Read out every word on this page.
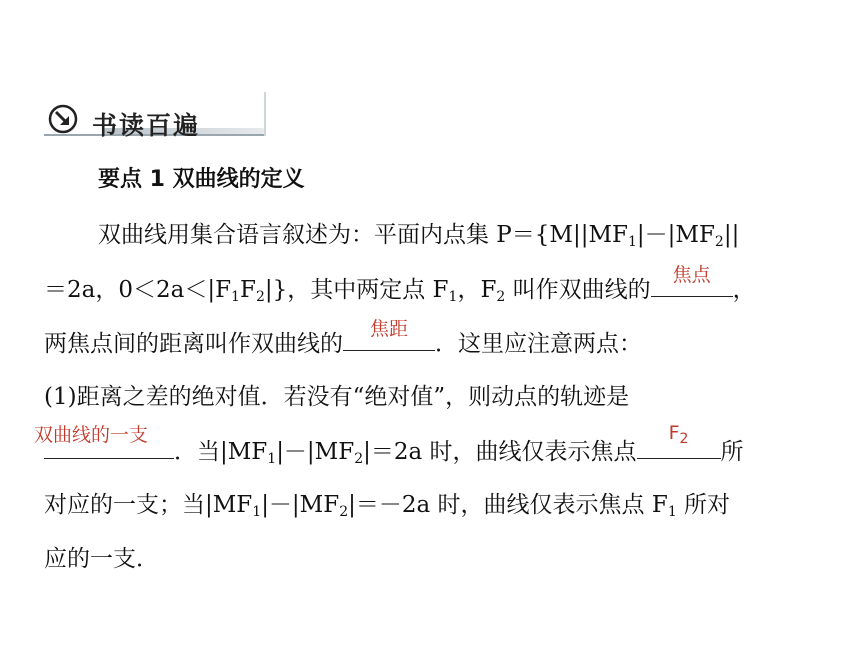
书读百遍
要点 1 双曲线的定义
双曲线用集合语言叙述为：平面内点集 $P=\{M||MF_1|-|MF_2||$
＝2a，$0<2a<|F_1F_2|$}，其中两定点 $F_1$，$F_2$ 叫作双曲线的
焦点
，
两焦点间的距离叫作双曲线的
焦距
．这里应注意两点：
(1)距离之差的绝对值．若没有“绝对值”，则动点的轨迹是
双曲线的一支
．当$|MF_1|-|MF_2|=2a$ 时，曲线仅表示焦点
$F_2$	所
对应的一支；当$|MF_1|-|MF_2|=-2a$ 时，曲线仅表示焦点 $F_1$ 所对
应的一支．
